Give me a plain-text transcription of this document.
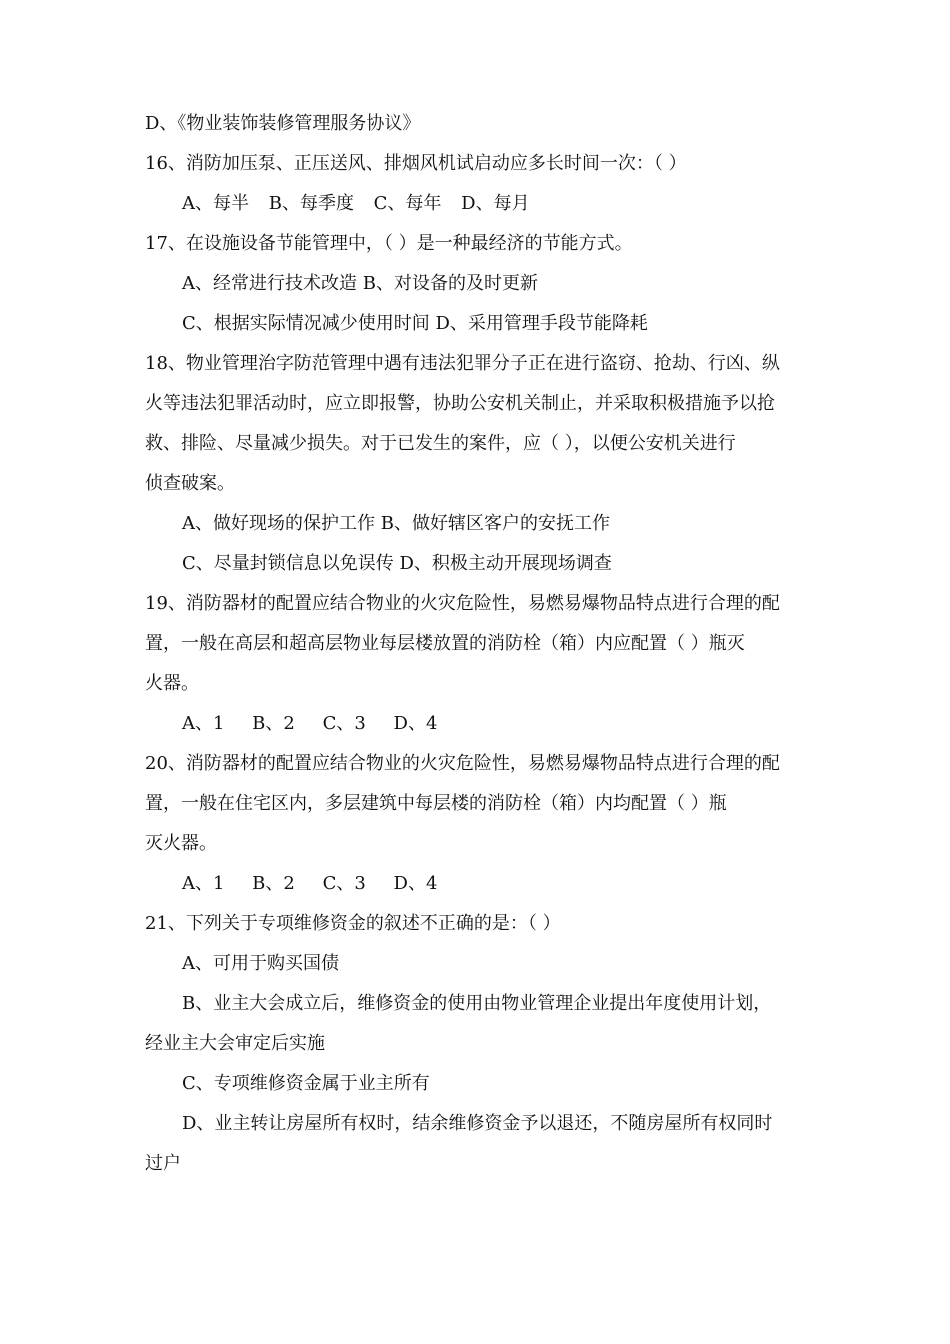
D、《物业装饰装修管理服务协议》
16、消防加压泵、正压送风、排烟风机试启动应多长时间一次：（ ）
A、每半 B、每季度 C、每年 D、每月
17、在设施设备节能管理中，（ ）是一种最经济的节能方式。
A、经常进行技术改造 B、对设备的及时更新
C、根据实际情况减少使用时间 D、采用管理手段节能降耗
18、物业管理治字防范管理中遇有违法犯罪分子正在进行盗窃、抢劫、行凶、纵
火等违法犯罪活动时，应立即报警，协助公安机关制止，并采取积极措施予以抢
救、排险、尽量减少损失。对于已发生的案件，应（ ），以便公安机关进行
侦查破案。
A、做好现场的保护工作 B、做好辖区客户的安抚工作
C、尽量封锁信息以免误传 D、积极主动开展现场调查
19、消防器材的配置应结合物业的火灾危险性，易燃易爆物品特点进行合理的配
置，一般在高层和超高层物业每层楼放置的消防栓（箱）内应配置（ ）瓶灭
火器。
A、1 B、2 C、3 D、4
20、消防器材的配置应结合物业的火灾危险性，易燃易爆物品特点进行合理的配
置，一般在住宅区内，多层建筑中每层楼的消防栓（箱）内均配置（ ）瓶
灭火器。
A、1 B、2 C、3 D、4
21、下列关于专项维修资金的叙述不正确的是：（ ）
A、可用于购买国债
B、业主大会成立后，维修资金的使用由物业管理企业提出年度使用计划，
经业主大会审定后实施
C、专项维修资金属于业主所有
D、业主转让房屋所有权时，结余维修资金予以退还，不随房屋所有权同时
过户
